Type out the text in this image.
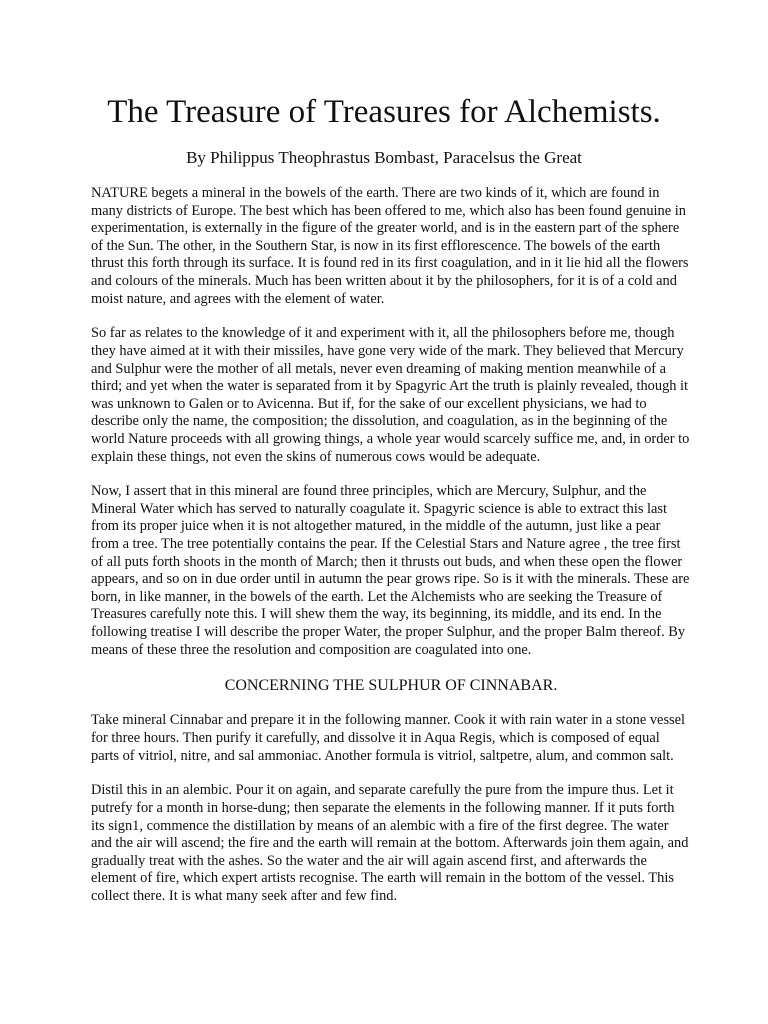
The Treasure of Treasures for Alchemists.
By Philippus Theophrastus Bombast, Paracelsus the Great

NATURE begets a mineral in the bowels of the earth. There are two kinds of it, which are found in many districts of Europe. The best which has been offered to me, which also has been found genuine in experimentation, is externally in the figure of the greater world, and is in the eastern part of the sphere of the Sun. The other, in the Southern Star, is now in its first efflorescence. The bowels of the earth thrust this forth through its surface. It is found red in its first coagulation, and in it lie hid all the flowers and colours of the minerals. Much has been written about it by the philosophers, for it is of a cold and moist nature, and agrees with the element of water.

So far as relates to the knowledge of it and experiment with it, all the philosophers before me, though they have aimed at it with their missiles, have gone very wide of the mark. They believed that Mercury and Sulphur were the mother of all metals, never even dreaming of making mention meanwhile of a third; and yet when the water is separated from it by Spagyric Art the truth is plainly revealed, though it was unknown to Galen or to Avicenna. But if, for the sake of our excellent physicians, we had to describe only the name, the composition; the dissolution, and coagulation, as in the beginning of the world Nature proceeds with all growing things, a whole year would scarcely suffice me, and, in order to explain these things, not even the skins of numerous cows would be adequate.

Now, I assert that in this mineral are found three principles, which are Mercury, Sulphur, and the Mineral Water which has served to naturally coagulate it. Spagyric science is able to extract this last from its proper juice when it is not altogether matured, in the middle of the autumn, just like a pear from a tree. The tree potentially contains the pear. If the Celestial Stars and Nature agree , the tree first of all puts forth shoots in the month of March; then it thrusts out buds, and when these open the flower appears, and so on in due order until in autumn the pear grows ripe. So is it with the minerals. These are born, in like manner, in the bowels of the earth. Let the Alchemists who are seeking the Treasure of Treasures carefully note this. I will shew them the way, its beginning, its middle, and its end. In the following treatise I will describe the proper Water, the proper Sulphur, and the proper Balm thereof. By means of these three the resolution and composition are coagulated into one.

CONCERNING THE SULPHUR OF CINNABAR.

Take mineral Cinnabar and prepare it in the following manner. Cook it with rain water in a stone vessel for three hours. Then purify it carefully, and dissolve it in Aqua Regis, which is composed of equal parts of vitriol, nitre, and sal ammoniac. Another formula is vitriol, saltpetre, alum, and common salt.

Distil this in an alembic. Pour it on again, and separate carefully the pure from the impure thus. Let it putrefy for a month in horse-dung; then separate the elements in the following manner. If it puts forth its sign1, commence the distillation by means of an alembic with a fire of the first degree. The water and the air will ascend; the fire and the earth will remain at the bottom. Afterwards join them again, and gradually treat with the ashes. So the water and the air will again ascend first, and afterwards the element of fire, which expert artists recognise. The earth will remain in the bottom of the vessel. This collect there. It is what many seek after and few find.
